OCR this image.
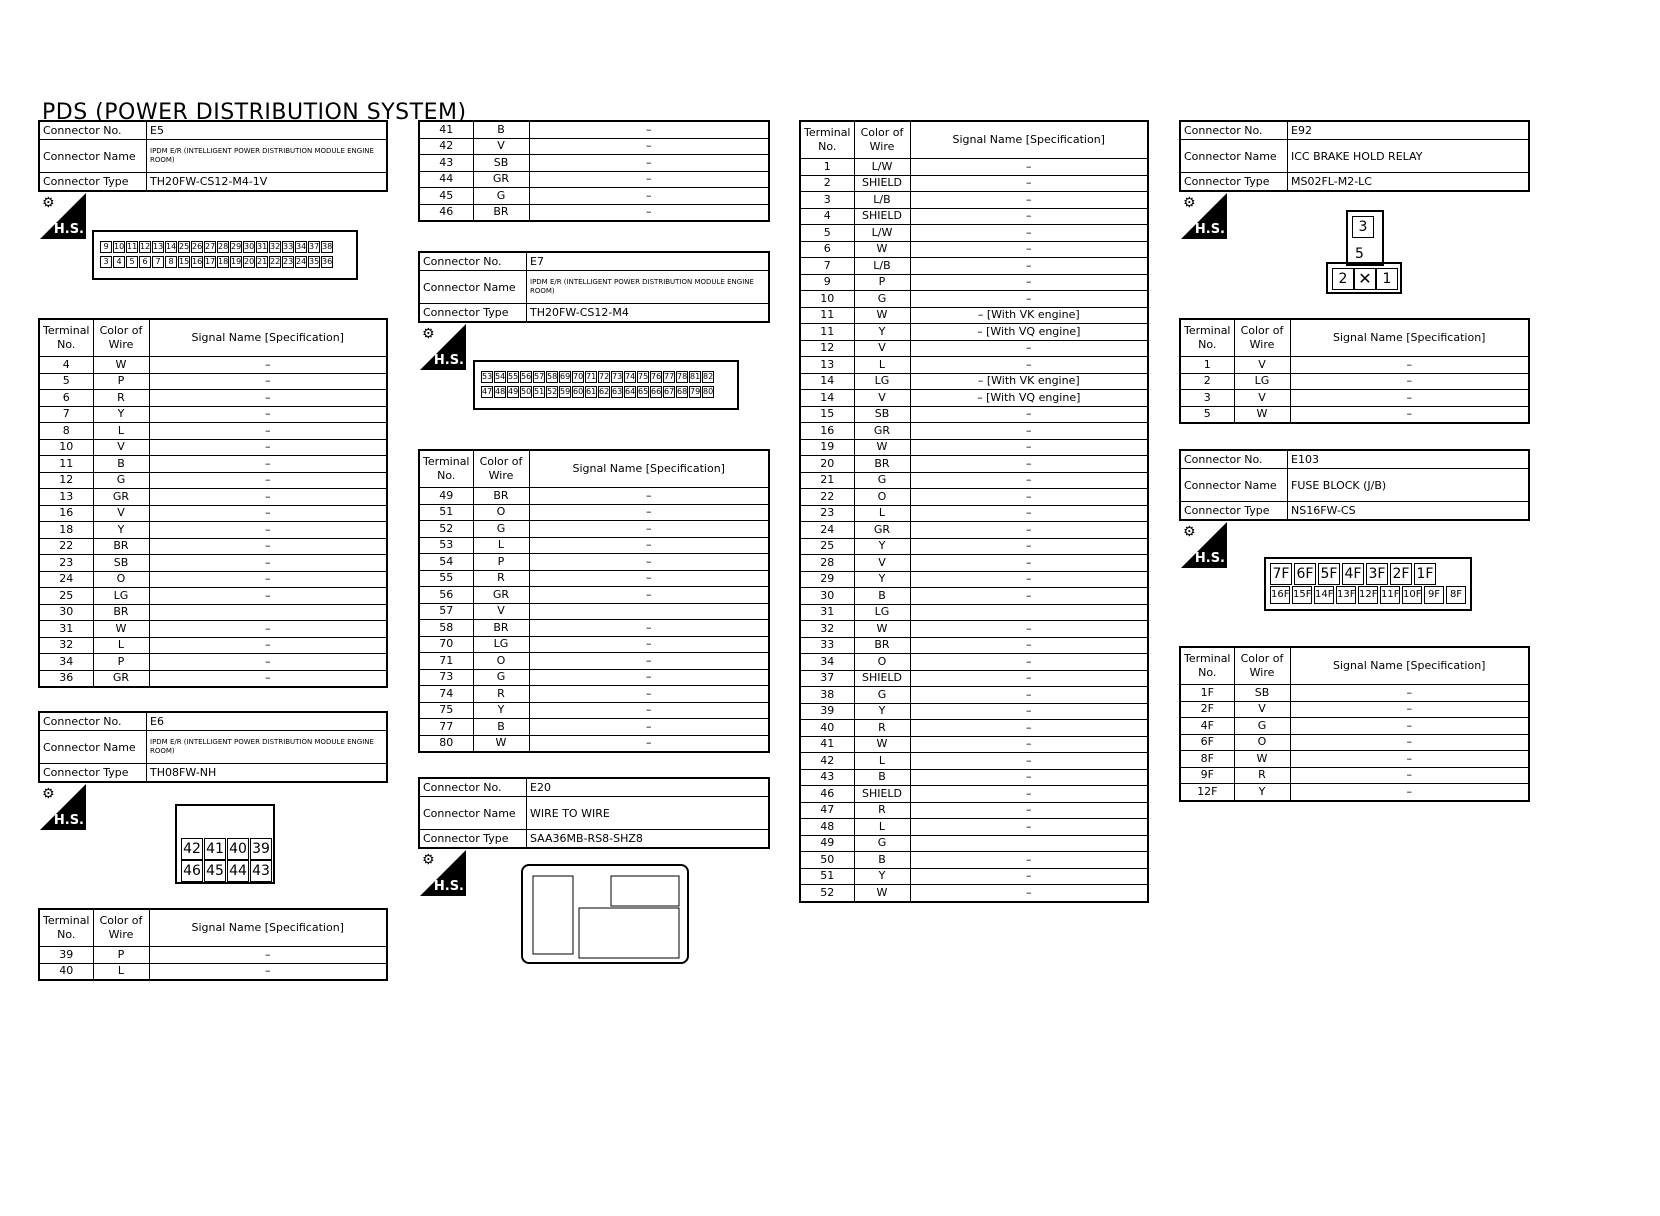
PDS (POWER DISTRIBUTION SYSTEM)
Connector No.	E5
Connector Name	IPDM E/R (INTELLIGENT POWER DISTRIBUTION MODULE ENGINE ROOM)
Connector Type	TH20FW-CS12-M4-1V
⚙
H.S.
9 10 11 12 13 14 25 26 27 28 29 30 31 32 33 34 37 38
3 4 5 6 7 8 15 16 17 18 19 20 21 22 23 24 35 36
Terminal No.	Color of Wire	Signal Name [Specification]
4	W	–
5	P	–
6	R	–
7	Y	–
8	L	–
10	V	–
11	B	–
12	G	–
13	GR	–
16	V	–
18	Y	–
22	BR	–
23	SB	–
24	O	–
25	LG	–
30	BR	
31	W	–
32	L	–
34	P	–
36	GR	–
Connector No.	E6
Connector Name	IPDM E/R (INTELLIGENT POWER DISTRIBUTION MODULE ENGINE ROOM)
Connector Type	TH08FW-NH
⚙
H.S.
42 41 40 39
46 45 44 43
Terminal No.	Color of Wire	Signal Name [Specification]
39	P	–
40	L	–
41	B	–
42	V	–
43	SB	–
44	GR	–
45	G	–
46	BR	–
Connector No.	E7
Connector Name	IPDM E/R (INTELLIGENT POWER DISTRIBUTION MODULE ENGINE ROOM)
Connector Type	TH20FW-CS12-M4
⚙
H.S.
53 54 55 56 57 58 69 70 71 72 73 74 75 76 77 78 81 82
47 48 49 50 51 52 59 60 61 62 63 64 65 66 67 68 79 80
Terminal No.	Color of Wire	Signal Name [Specification]
49	BR	–
51	O	–
52	G	–
53	L	–
54	P	–
55	R	–
56	GR	–
57	V	
58	BR	–
70	LG	–
71	O	–
73	G	–
74	R	–
75	Y	–
77	B	–
80	W	–
Connector No.	E20
Connector Name	WIRE TO WIRE
Connector Type	SAA36MB-RS8-SHZ8
⚙
H.S.
Terminal No.	Color of Wire	Signal Name [Specification]
1	L/W	–
2	SHIELD	–
3	L/B	–
4	SHIELD	–
5	L/W	–
6	W	–
7	L/B	–
9	P	–
10	G	–
11	W	– [With VK engine]
11	Y	– [With VQ engine]
12	V	–
13	L	–
14	LG	– [With VK engine]
14	V	– [With VQ engine]
15	SB	–
16	GR	–
19	W	–
20	BR	–
21	G	–
22	O	–
23	L	–
24	GR	–
25	Y	–
28	V	–
29	Y	–
30	B	–
31	LG	
32	W	–
33	BR	–
34	O	–
37	SHIELD	–
38	G	–
39	Y	–
40	R	–
41	W	–
42	L	–
43	B	–
46	SHIELD	–
47	R	–
48	L	–
49	G	
50	B	–
51	Y	–
52	W	–
Connector No.	E92
Connector Name	ICC BRAKE HOLD RELAY
Connector Type	MS02FL-M2-LC
⚙
H.S.	3
5
2 ✕ 1
Terminal No.	Color of Wire	Signal Name [Specification]
1	V	–
2	LG	–
3	V	–
5	W	–
Connector No.	E103
Connector Name	FUSE BLOCK (J/B)
Connector Type	NS16FW-CS
⚙
H.S.
7F 6F 5F 4F 3F 2F 1F
16F 15F 14F 13F 12F 11F 10F 9F 8F
Terminal No.	Color of Wire	Signal Name [Specification]
1F	SB	–
2F	V	–
4F	G	–
6F	O	–
8F	W	–
9F	R	–
12F	Y	–
